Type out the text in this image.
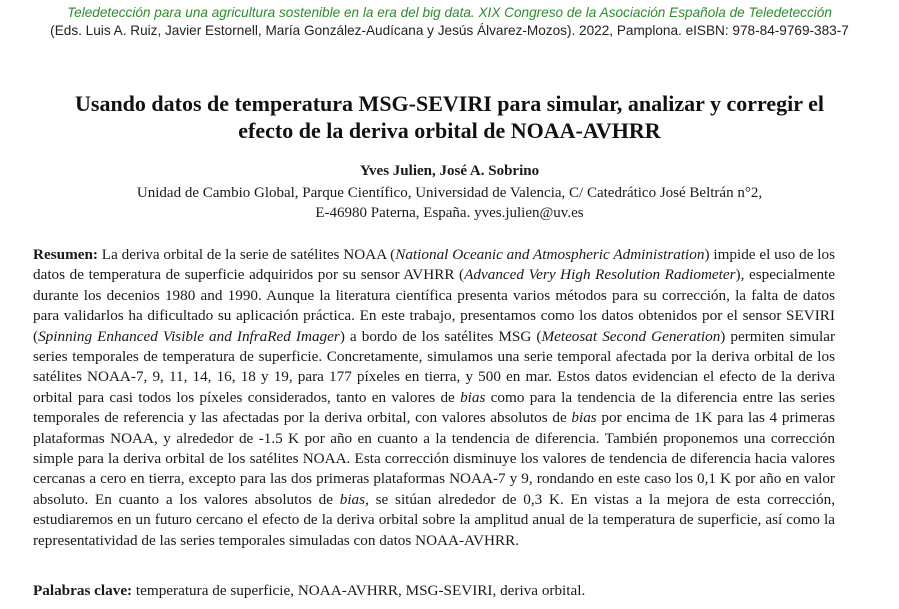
Teledetección para una agricultura sostenible en la era del big data. XIX Congreso de la Asociación Española de Teledetección
(Eds. Luis A. Ruiz, Javier Estornell, María González-Audícana y Jesús Álvarez-Mozos). 2022, Pamplona. eISBN: 978-84-9769-383-7
Usando datos de temperatura MSG-SEVIRI para simular, analizar y corregir el
efecto de la deriva orbital de NOAA-AVHRR
Yves Julien, José A. Sobrino
Unidad de Cambio Global, Parque Científico, Universidad de Valencia, C/ Catedrático José Beltrán n°2,
E-46980 Paterna, España. yves.julien@uv.es

Resumen: La deriva orbital de la serie de satélites NOAA (National Oceanic and Atmospheric Administration) impide el uso de los datos de temperatura de superficie adquiridos por su sensor AVHRR (Advanced Very High Resolution Radiometer), especialmente durante los decenios 1980 and 1990. Aunque la literatura científica presenta varios métodos para su corrección, la falta de datos para validarlos ha dificultado su aplicación práctica. En este trabajo, presentamos como los datos obtenidos por el sensor SEVIRI (Spinning Enhanced Visible and InfraRed Imager) a bordo de los satélites MSG (Meteosat Second Generation) permiten simular series temporales de temperatura de superficie. Concretamente, simulamos una serie temporal afectada por la deriva orbital de los satélites NOAA-7, 9, 11, 14, 16, 18 y 19, para 177 píxeles en tierra, y 500 en mar. Estos datos evidencian el efecto de la deriva orbital para casi todos los píxeles considerados, tanto en valores de bias como para la tendencia de la diferencia entre las series temporales de referencia y las afectadas por la deriva orbital, con valores absolutos de bias por encima de 1K para las 4 primeras plataformas NOAA, y alrededor de -1.5 K por año en cuanto a la tendencia de diferencia. También proponemos una corrección simple para la deriva orbital de los satélites NOAA. Esta corrección disminuye los valores de tendencia de diferencia hacia valores cercanas a cero en tierra, excepto para las dos primeras plataformas NOAA-7 y 9, rondando en este caso los 0,1 K por año en valor absoluto. En cuanto a los valores absolutos de bias, se sitúan alrededor de 0,3 K. En vistas a la mejora de esta corrección, estudiaremos en un futuro cercano el efecto de la deriva orbital sobre la amplitud anual de la temperatura de superficie, así como la representatividad de las series temporales simuladas con datos NOAA-AVHRR.

Palabras clave: temperatura de superficie, NOAA-AVHRR, MSG-SEVIRI, deriva orbital.
